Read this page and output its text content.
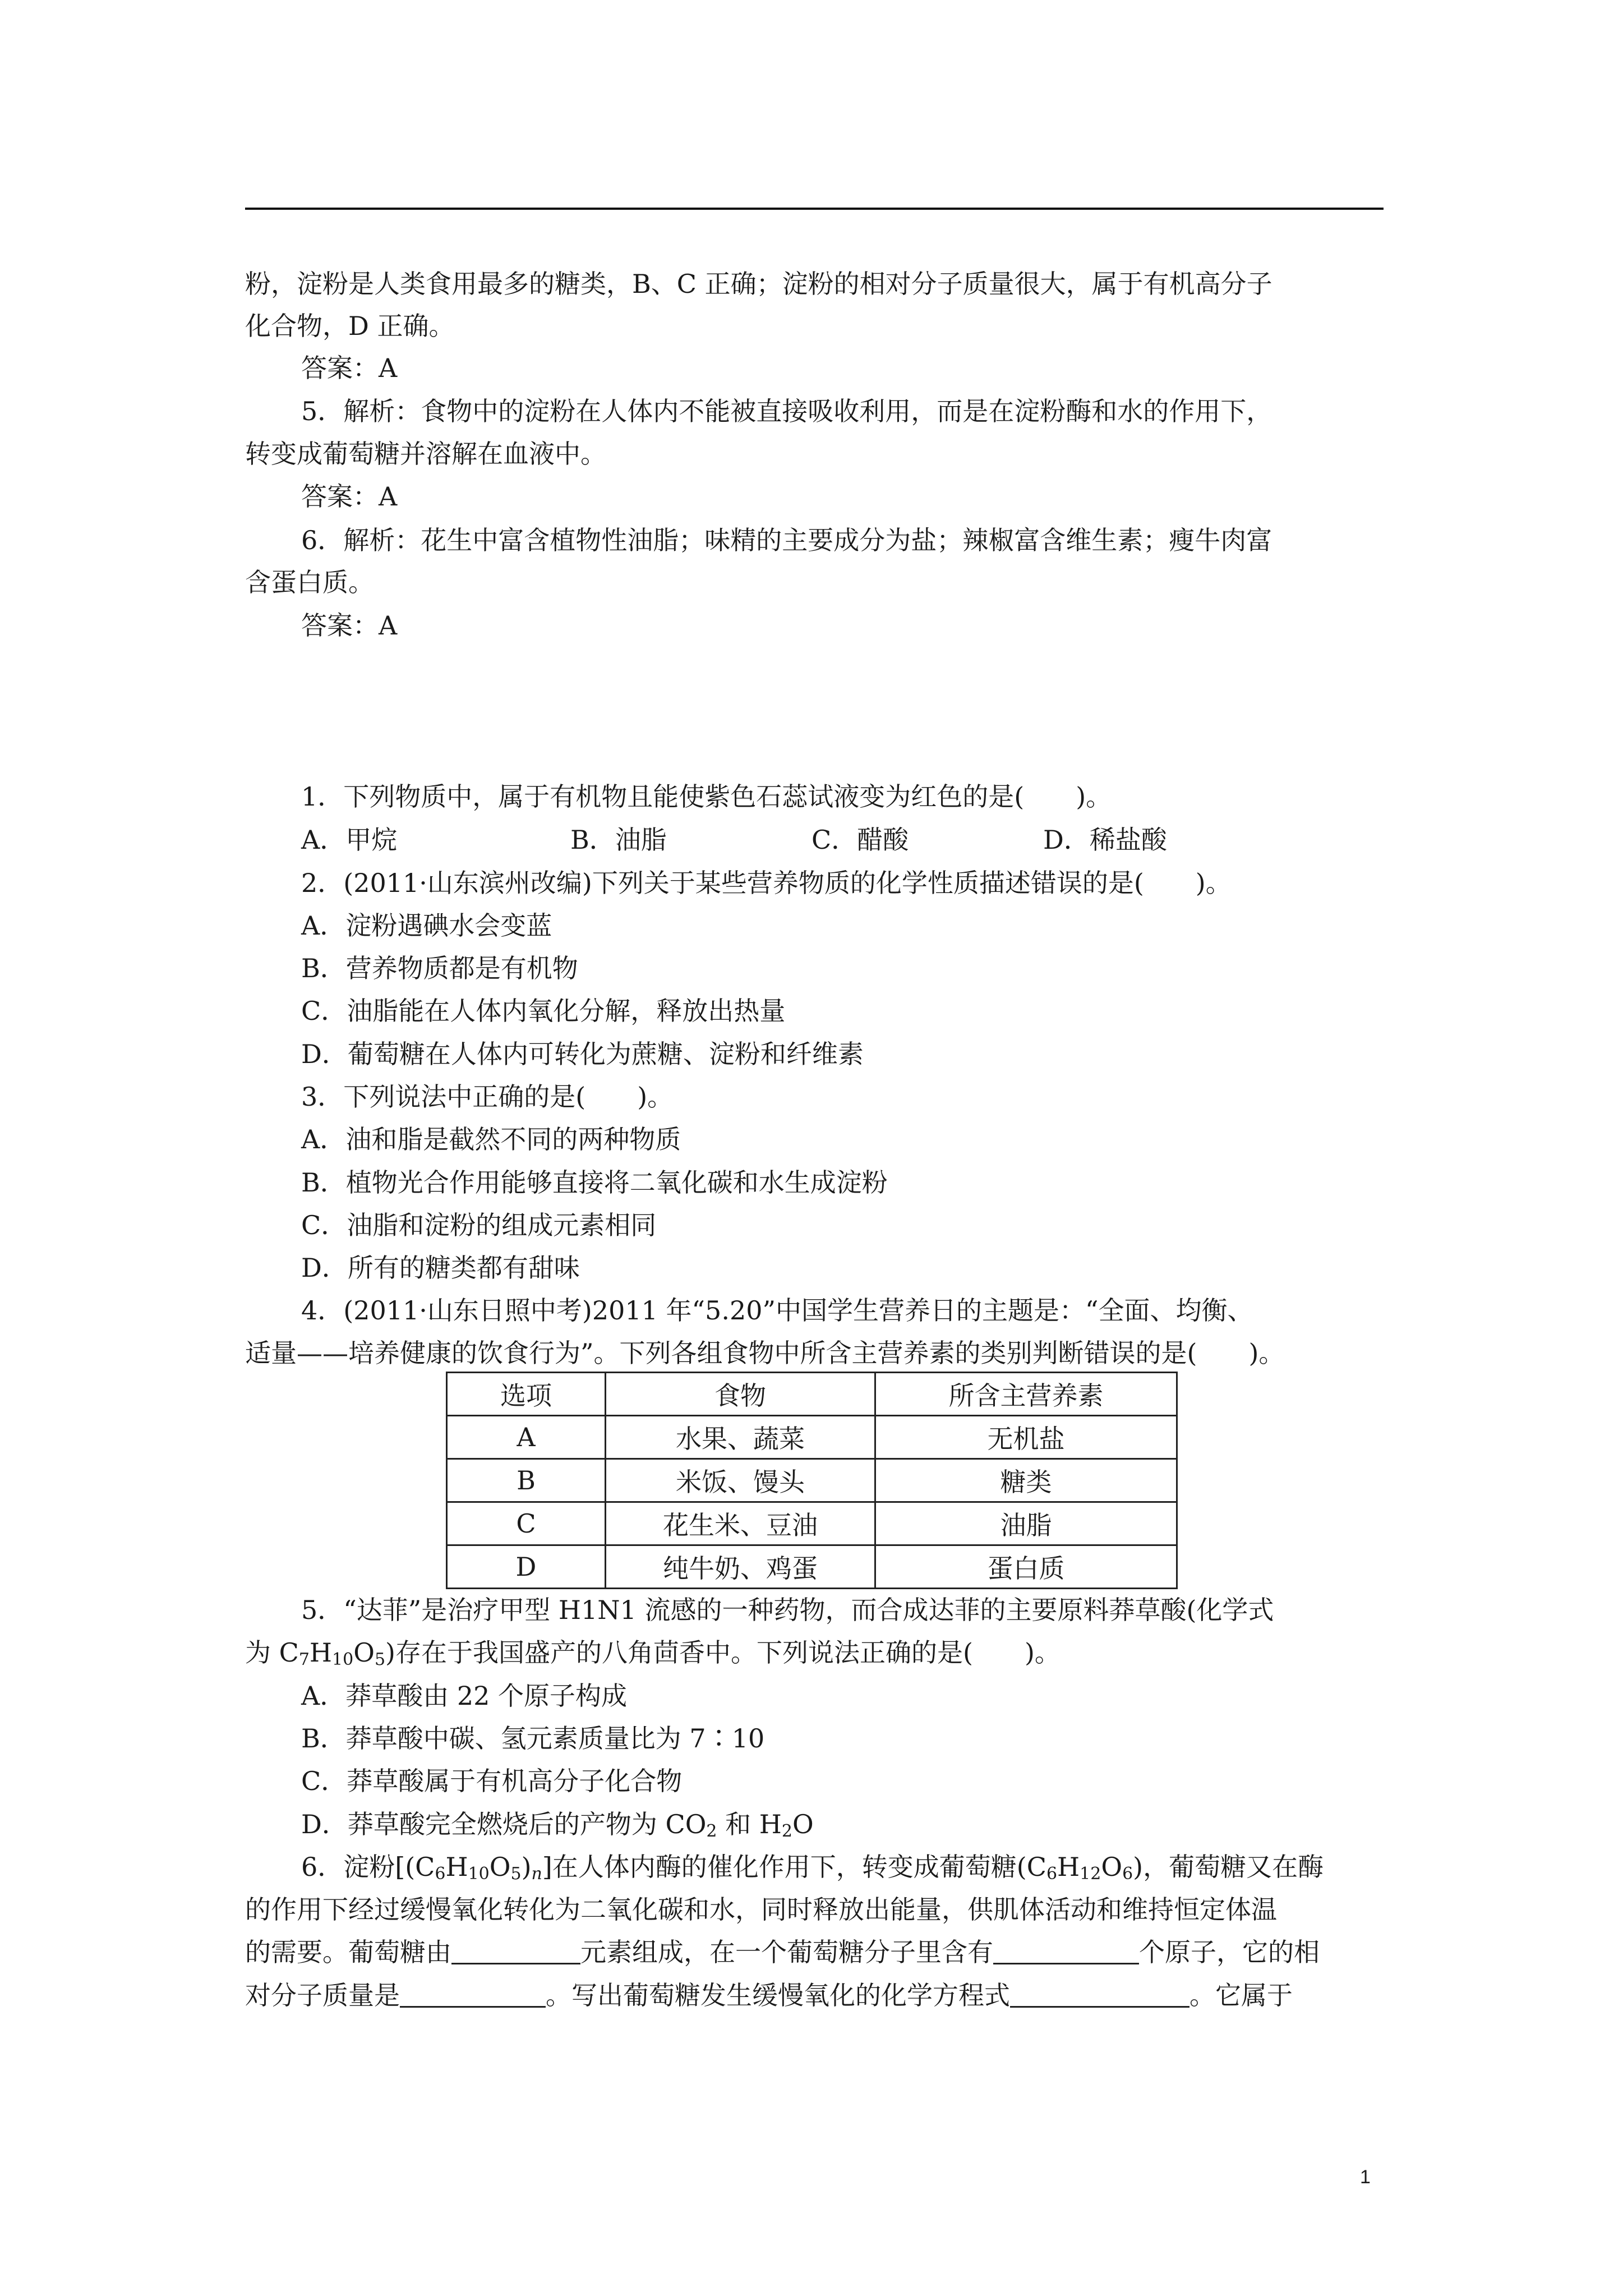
粉，淀粉是人类食用最多的糖类，B、C 正确；淀粉的相对分子质量很大，属于有机高分子
化合物，D 正确。
答案：A
5．解析：食物中的淀粉在人体内不能被直接吸收利用，而是在淀粉酶和水的作用下，
转变成葡萄糖并溶解在血液中。
答案：A
6．解析：花生中富含植物性油脂；味精的主要成分为盐；辣椒富含维生素；瘦牛肉富
含蛋白质。
答案：A
1．下列物质中，属于有机物且能使紫色石蕊试液变为红色的是(　　)。
A．甲烷	B．油脂	C．醋酸	D．稀盐酸
2．(2011·山东滨州改编)下列关于某些营养物质的化学性质描述错误的是(　　)。
A．淀粉遇碘水会变蓝
B．营养物质都是有机物
C．油脂能在人体内氧化分解，释放出热量
D．葡萄糖在人体内可转化为蔗糖、淀粉和纤维素
3．下列说法中正确的是(　　)。
A．油和脂是截然不同的两种物质
B．植物光合作用能够直接将二氧化碳和水生成淀粉
C．油脂和淀粉的组成元素相同
D．所有的糖类都有甜味
4．(2011·山东日照中考)2011 年“5.20”中国学生营养日的主题是：“全面、均衡、
适量——培养健康的饮食行为”。下列各组食物中所含主营养素的类别判断错误的是(　　)。
选项	食物	所含主营养素
A	水果、蔬菜	无机盐
B	米饭、馒头	糖类
C	花生米、豆油	油脂
D	纯牛奶、鸡蛋	蛋白质
5．“达菲”是治疗甲型 H1N1 流感的一种药物，而合成达菲的主要原料莽草酸(化学式
为 $C_7H_{10}O_5$)存在于我国盛产的八角茴香中。下列说法正确的是(　　)。
A．莽草酸由 22 个原子构成
B．莽草酸中碳、氢元素质量比为 7∶10
C．莽草酸属于有机高分子化合物
D．莽草酸完全燃烧后的产物为 $CO_2$ 和 $H_2O$
6．淀粉$[(C_6H_{10}O_5)_n]$在人体内酶的催化作用下，转变成葡萄糖$(C_6H_{12}O_6)$，葡萄糖又在酶
的作用下经过缓慢氧化转化为二氧化碳和水，同时释放出能量，供肌体活动和维持恒定体温
的需要。葡萄糖由	元素组成，在一个葡萄糖分子里含有	个原子，它的相
对分子质量是	。写出葡萄糖发生缓慢氧化的化学方程式	。它属于
1
